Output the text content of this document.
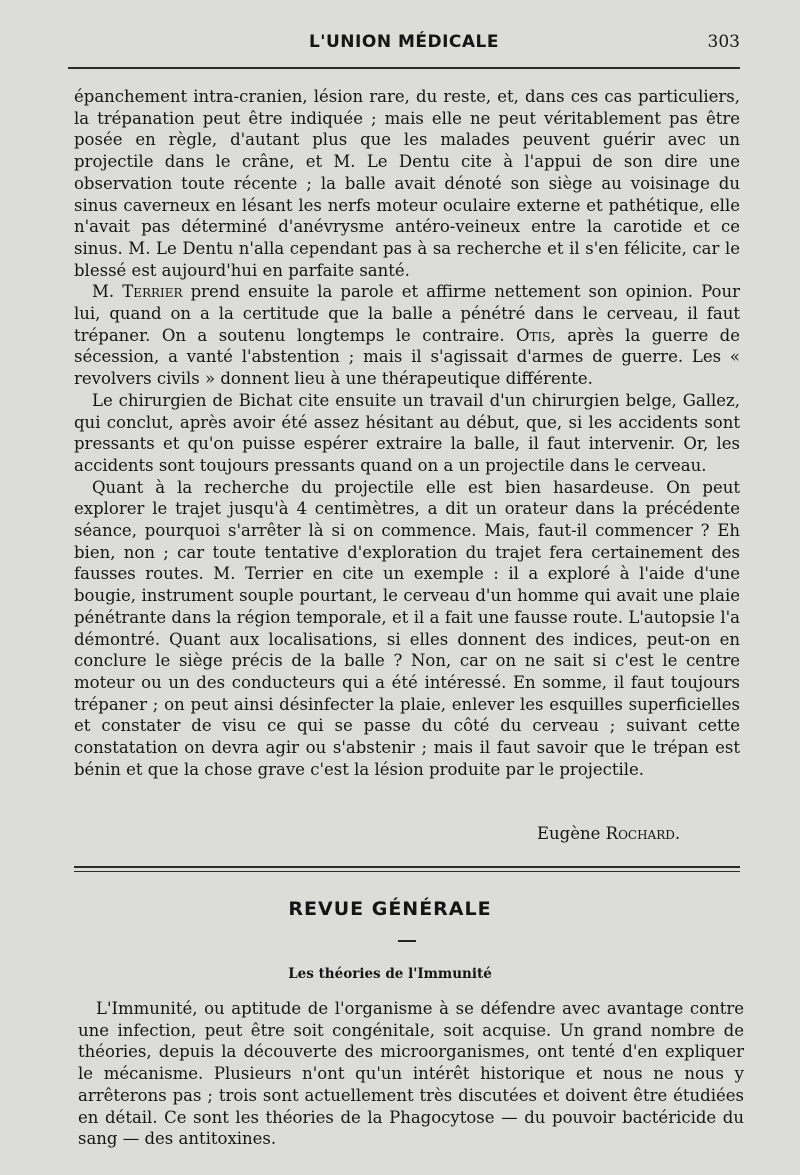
L'UNION MÉDICALE	303

épanchement intra-cranien, lésion rare, du reste, et, dans ces cas particuliers, la trépanation peut être indiquée ; mais elle ne peut véritablement pas être posée en règle, d'autant plus que les malades peuvent guérir avec un projectile dans le crâne, et M. Le Dentu cite à l'appui de son dire une observation toute récente ; la balle avait dénoté son siège au voisinage du sinus caverneux en lésant les nerfs moteur oculaire externe et pathétique, elle n'avait pas déterminé d'anévrysme antéro-veineux entre la carotide et ce sinus. M. Le Dentu n'alla cependant pas à sa recherche et il s'en félicite, car le blessé est aujourd'hui en parfaite santé.

M. Terrier prend ensuite la parole et affirme nettement son opinion. Pour lui, quand on a la certitude que la balle a pénétré dans le cerveau, il faut trépaner. On a soutenu longtemps le contraire. Otis, après la guerre de sécession, a vanté l'abstention ; mais il s'agissait d'armes de guerre. Les « revolvers civils » donnent lieu à une thérapeutique différente.

Le chirurgien de Bichat cite ensuite un travail d'un chirurgien belge, Gallez, qui conclut, après avoir été assez hésitant au début, que, si les accidents sont pressants et qu'on puisse espérer extraire la balle, il faut intervenir. Or, les accidents sont toujours pressants quand on a un projectile dans le cerveau.

Quant à la recherche du projectile elle est bien hasardeuse. On peut explorer le trajet jusqu'à 4 centimètres, a dit un orateur dans la précédente séance, pourquoi s'arrêter là si on commence. Mais, faut-il commencer ? Eh bien, non ; car toute tentative d'exploration du trajet fera certainement des fausses routes. M. Terrier en cite un exemple : il a exploré à l'aide d'une bougie, instrument souple pourtant, le cerveau d'un homme qui avait une plaie pénétrante dans la région temporale, et il a fait une fausse route. L'autopsie l'a démontré. Quant aux localisations, si elles donnent des indices, peut-on en conclure le siège précis de la balle ? Non, car on ne sait si c'est le centre moteur ou un des conducteurs qui a été intéressé. En somme, il faut toujours trépaner ; on peut ainsi désinfecter la plaie, enlever les esquilles superficielles et constater de visu ce qui se passe du côté du cerveau ; suivant cette constatation on devra agir ou s'abstenir ; mais il faut savoir que le trépan est bénin et que la chose grave c'est la lésion produite par le projectile.

Eugène Rochard.
REVUE GÉNÉRALE
Les théories de l'Immunité

L'Immunité, ou aptitude de l'organisme à se défendre avec avantage contre une infection, peut être soit congénitale, soit acquise. Un grand nombre de théories, depuis la découverte des microorganismes, ont tenté d'en expliquer le mécanisme. Plusieurs n'ont qu'un intérêt historique et nous ne nous y arrêterons pas ; trois sont actuellement très discutées et doivent être étudiées en détail. Ce sont les théories de la Phagocytose — du pouvoir bactéricide du sang — des antitoxines.
